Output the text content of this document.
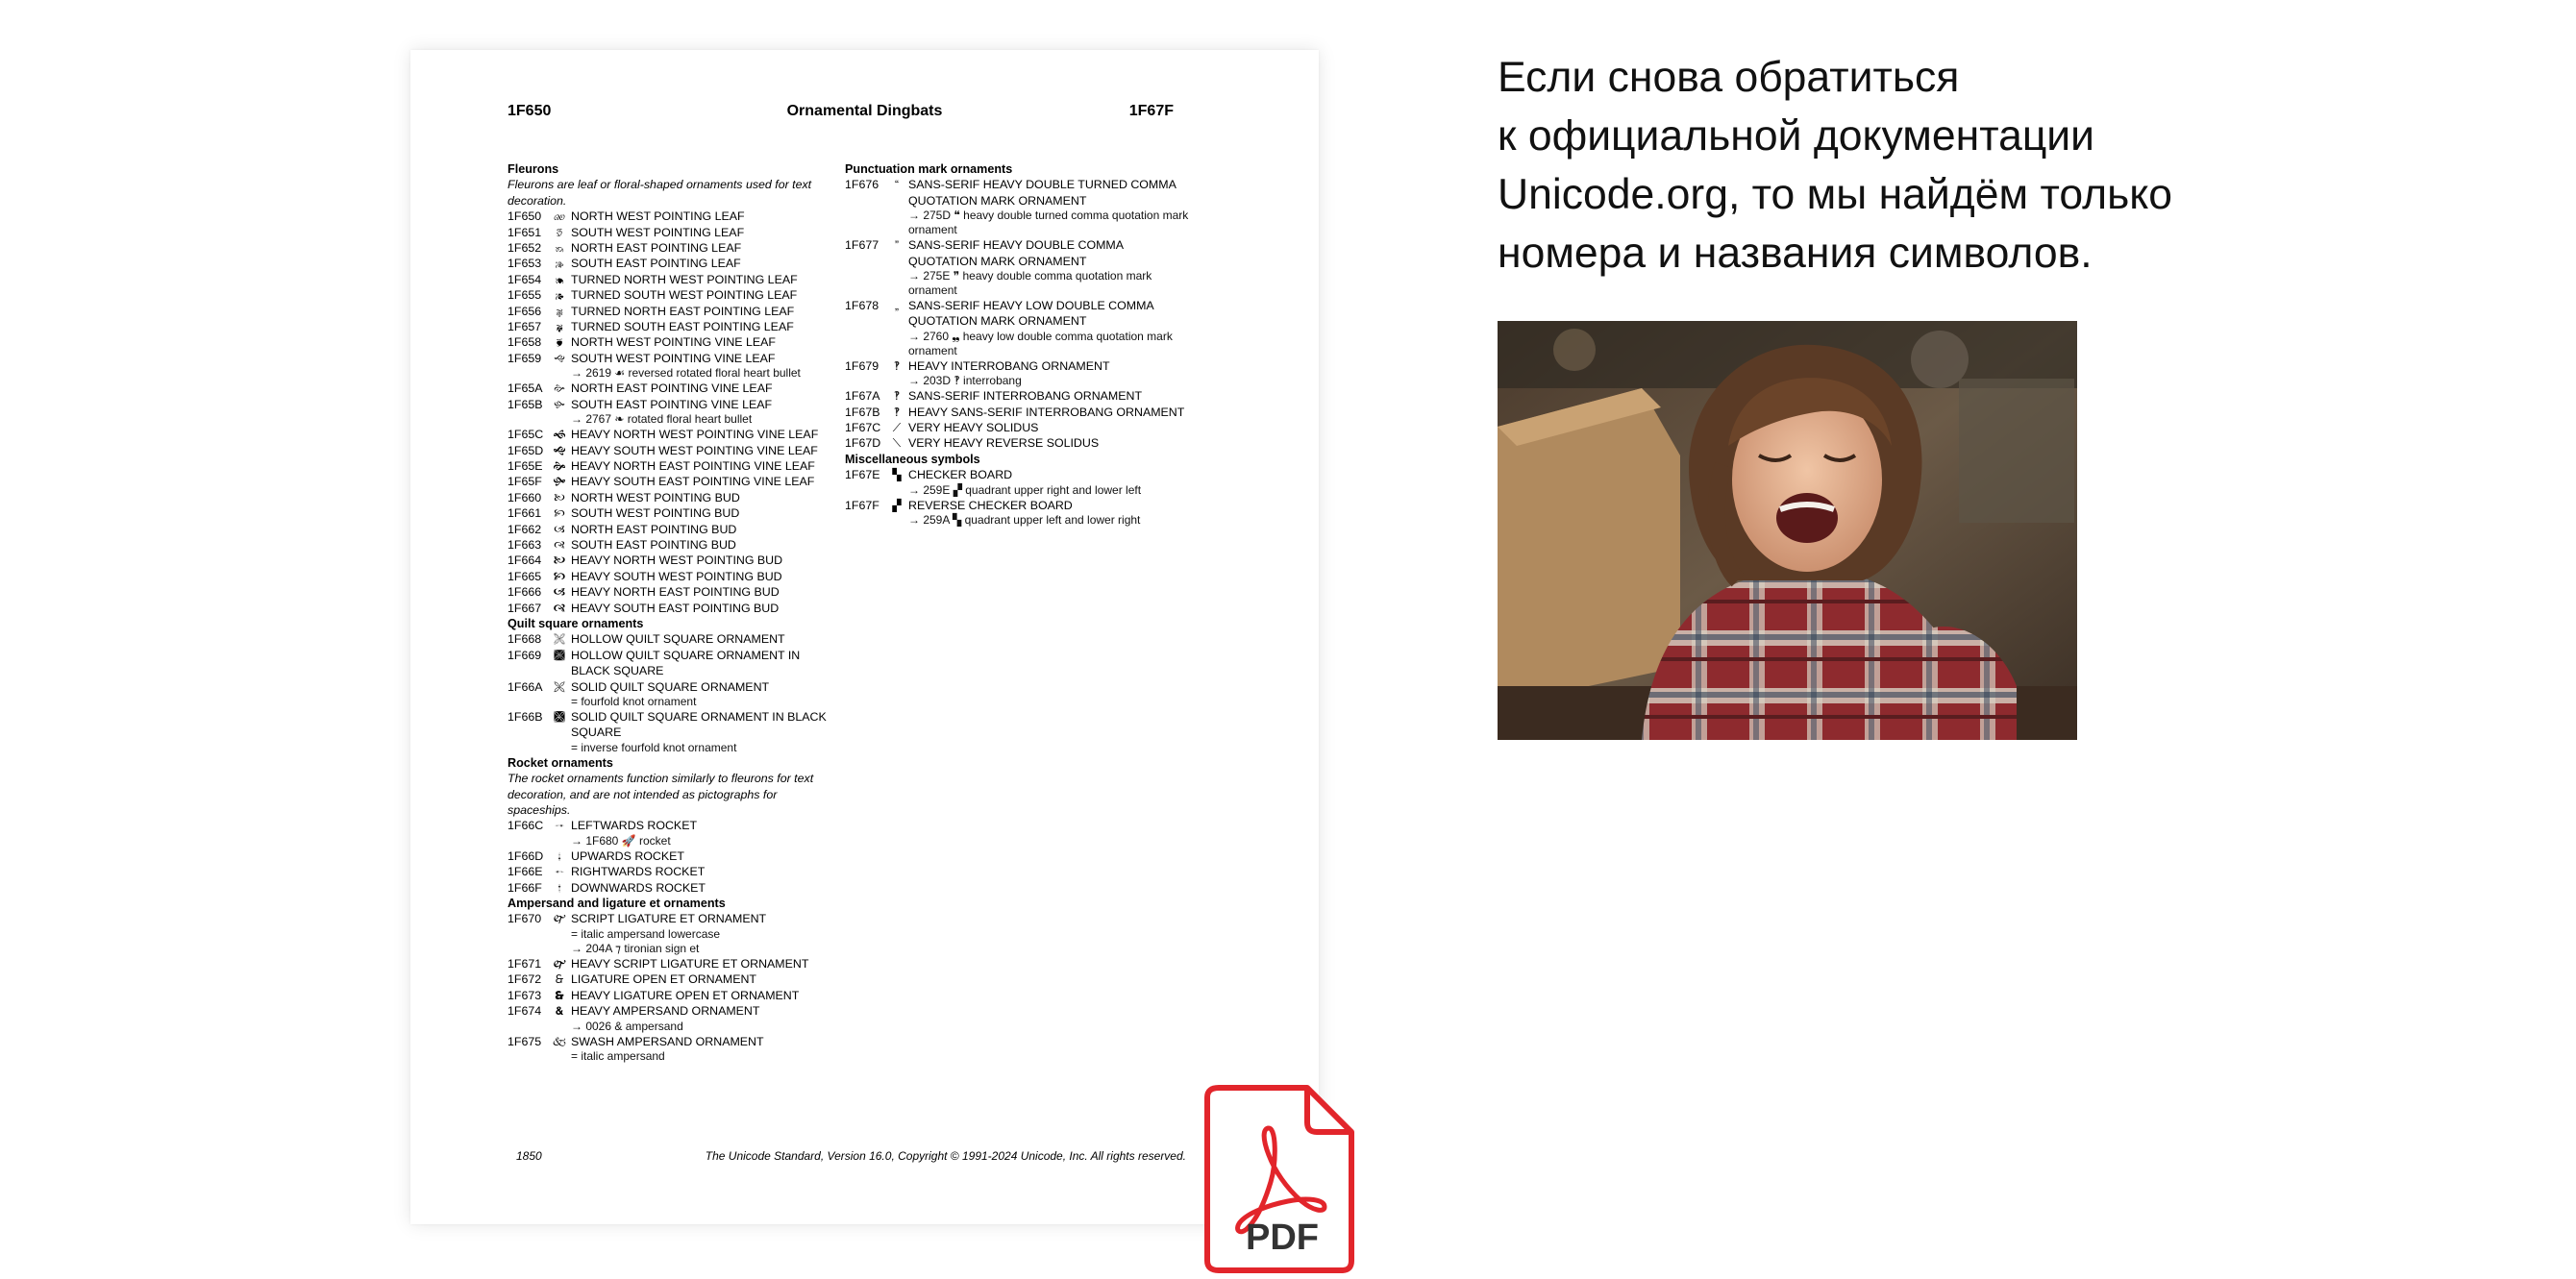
1F650	Ornamental Dingbats	1F67F
Fleurons
Fleurons are leaf or floral-shaped ornaments used for text decoration.
1F650	🙐 NORTH WEST POINTING LEAF
1F651	🙑 SOUTH WEST POINTING LEAF
1F652	🙒 NORTH EAST POINTING LEAF
1F653	🙓 SOUTH EAST POINTING LEAF
1F654	🙔 TURNED NORTH WEST POINTING LEAF
1F655	🙕 TURNED SOUTH WEST POINTING LEAF
1F656	🙖 TURNED NORTH EAST POINTING LEAF
1F657	🙗 TURNED SOUTH EAST POINTING LEAF
1F658	🙘 NORTH WEST POINTING VINE LEAF
1F659	🙙 SOUTH WEST POINTING VINE LEAF
→ 2619 ☙ reversed rotated floral heart bullet
1F65A 🙚 NORTH EAST POINTING VINE LEAF
1F65B 🙛 SOUTH EAST POINTING VINE LEAF
→ 2767 ❧ rotated floral heart bullet
1F65C 🙜 HEAVY NORTH WEST POINTING VINE LEAF
1F65D 🙝 HEAVY SOUTH WEST POINTING VINE LEAF
1F65E 🙞 HEAVY NORTH EAST POINTING VINE LEAF
1F65F 🙟 HEAVY SOUTH EAST POINTING VINE LEAF
1F660	🙠 NORTH WEST POINTING BUD
1F661	🙡 SOUTH WEST POINTING BUD
1F662	🙢 NORTH EAST POINTING BUD
1F663	🙣 SOUTH EAST POINTING BUD
1F664	🙤 HEAVY NORTH WEST POINTING BUD
1F665	🙥 HEAVY SOUTH WEST POINTING BUD
1F666	🙦 HEAVY NORTH EAST POINTING BUD
1F667	🙧 HEAVY SOUTH EAST POINTING BUD
Quilt square ornaments
1F668	🙨 HOLLOW QUILT SQUARE ORNAMENT
1F669	🙩 HOLLOW QUILT SQUARE ORNAMENT IN BLACK SQUARE
1F66A 🙪 SOLID QUILT SQUARE ORNAMENT
= fourfold knot ornament
1F66B 🙫 SOLID QUILT SQUARE ORNAMENT IN BLACK SQUARE
= inverse fourfold knot ornament
Rocket ornaments
The rocket ornaments function similarly to fleurons for text decoration, and are not intended as pictographs for spaceships.
1F66C 🙬 LEFTWARDS ROCKET
→ 1F680 🚀 rocket
1F66D	🙭 UPWARDS ROCKET
1F66E	🙮 RIGHTWARDS ROCKET
1F66F	🙯 DOWNWARDS ROCKET
Ampersand and ligature et ornaments
1F670 🙰 SCRIPT LIGATURE ET ORNAMENT
= italic ampersand lowercase
→ 204A ⁊ tironian sign et
1F671 🙱 HEAVY SCRIPT LIGATURE ET ORNAMENT
1F672	🙲 LIGATURE OPEN ET ORNAMENT
1F673	🙳 HEAVY LIGATURE OPEN ET ORNAMENT
1F674	🙴 HEAVY AMPERSAND ORNAMENT
→ 0026 & ampersand
1F675 🙵 SWASH AMPERSAND ORNAMENT
= italic ampersand
Punctuation mark ornaments
1F676	“ SANS-SERIF HEAVY DOUBLE TURNED COMMA QUOTATION MARK ORNAMENT
→ 275D ❝ heavy double turned comma quotation mark ornament
1F677	” SANS-SERIF HEAVY DOUBLE COMMA QUOTATION MARK ORNAMENT
→ 275E ❞ heavy double comma quotation mark ornament
1F678	„ SANS-SERIF HEAVY LOW DOUBLE COMMA QUOTATION MARK ORNAMENT
→ 2760 ❠ heavy low double comma quotation mark ornament
1F679	‽ HEAVY INTERROBANG ORNAMENT
→ 203D ‽ interrobang
1F67A	‽ SANS-SERIF INTERROBANG ORNAMENT
1F67B	‽ HEAVY SANS-SERIF INTERROBANG ORNAMENT
1F67C	⟋ VERY HEAVY SOLIDUS
1F67D	⟍ VERY HEAVY REVERSE SOLIDUS
Miscellaneous symbols
1F67E	▚ CHECKER BOARD
→ 259E ▞ quadrant upper right and lower left
1F67F	▞ REVERSE CHECKER BOARD
→ 259A ▚ quadrant upper left and lower right
1850	The Unicode Standard, Version 16.0, Copyright © 1991-2024 Unicode, Inc. All rights reserved.
PDF
Если снова обратиться
к официальной документации
Unicode.org, то мы найдём только
номера и названия символов.
